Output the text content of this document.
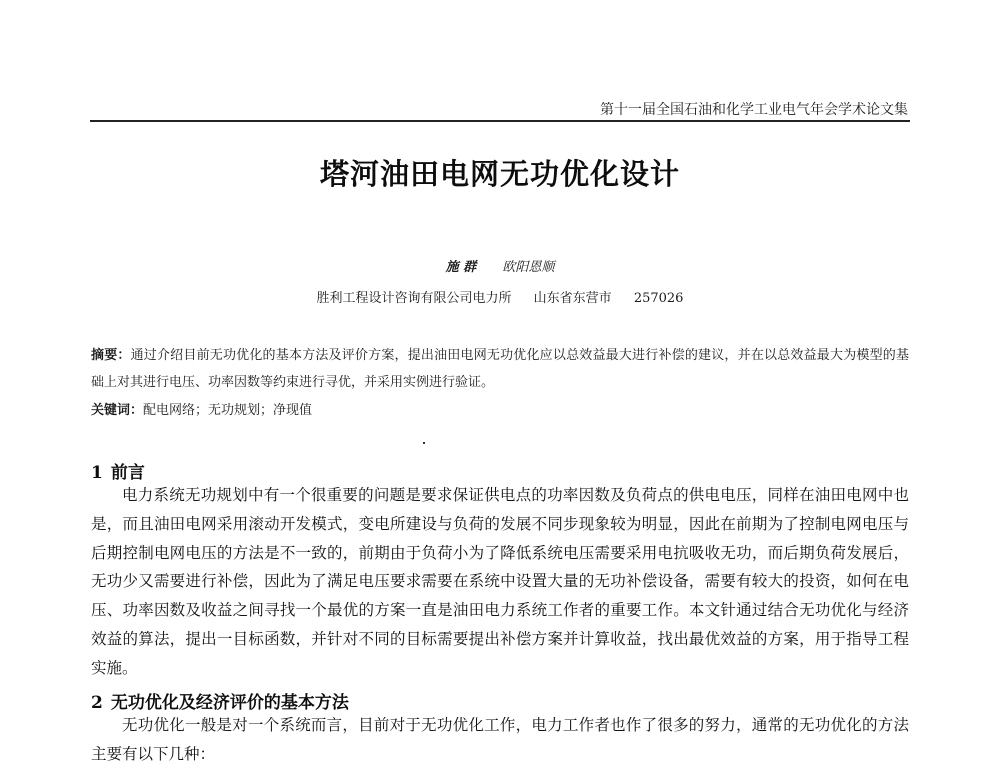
第十一届全国石油和化学工业电气年会学术论文集
塔河油田电网无功优化设计
施 群 欧阳恩顺
胜利工程设计咨询有限公司电力所 山东省东营市 257026
摘要：通过介绍目前无功优化的基本方法及评价方案，提出油田电网无功优化应以总效益最大进行补偿的建议，并在以总效益最大为模型的基础上对其进行电压、功率因数等约束进行寻优，并采用实例进行验证。
关键词：配电网络；无功规划；净现值
1 前言

电力系统无功规划中有一个很重要的问题是要求保证供电点的功率因数及负荷点的供电电压，同样在油田电网中也是，而且油田电网采用滚动开发模式，变电所建设与负荷的发展不同步现象较为明显，因此在前期为了控制电网电压与后期控制电网电压的方法是不一致的，前期由于负荷小为了降低系统电压需要采用电抗吸收无功，而后期负荷发展后，无功少又需要进行补偿，因此为了满足电压要求需要在系统中设置大量的无功补偿设备，需要有较大的投资，如何在电压、功率因数及收益之间寻找一个最优的方案一直是油田电力系统工作者的重要工作。本文针通过结合无功优化与经济效益的算法，提出一目标函数，并针对不同的目标需要提出补偿方案并计算收益，找出最优效益的方案，用于指导工程实施。

2 无功优化及经济评价的基本方法

无功优化一般是对一个系统而言，目前对于无功优化工作，电力工作者也作了很多的努力，通常的无功优化的方法主要有以下几种：
